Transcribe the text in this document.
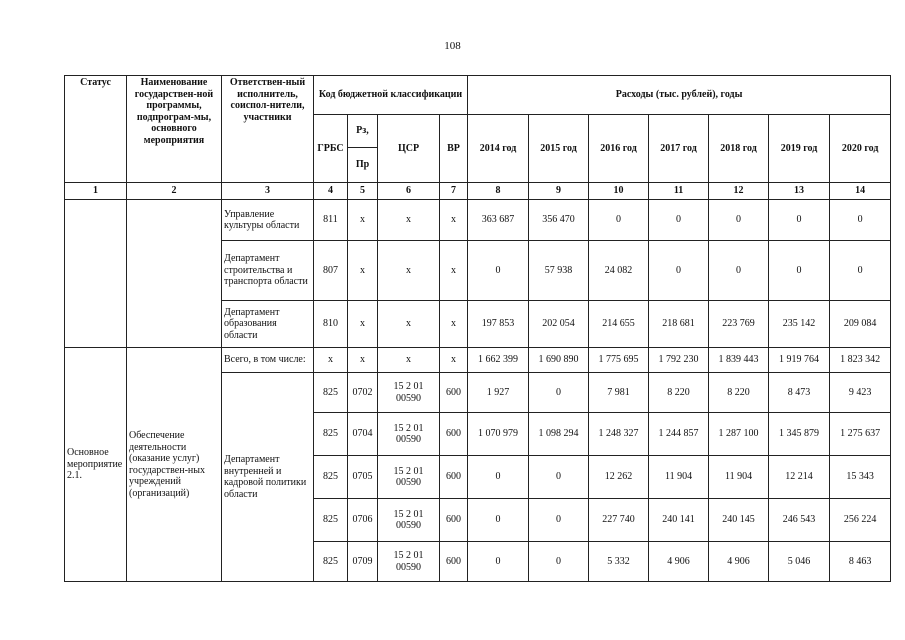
108
Статус	Наименование государствен-ной программы, подпрограм-мы, основного мероприятия	Ответствен-ный исполнитель, соиспол-нители, участники	Код бюджетной классификации				Расходы (тыс. рублей), годы						
			ГРБС	Рз,	ЦСР	ВР	2014 год	2015 год	2016 год	2017 год	2018 год	2019 год	2020 год
				Пр									
1	2	3	4	5	6	7	8	9	10	11	12	13	14
		Управление культуры области	811	х	х	х	363 687	356 470	0	0	0	0	0
		Департамент строительства и транспорта области	807	х	х	х	0	57 938	24 082	0	0	0	0
		Департамент образования области	810	х	х	х	197 853	202 054	214 655	218 681	223 769	235 142	209 084
Основное мероприятие 2.1.	Обеспечение деятельности (оказание услуг) государствен-ных учреждений (организаций)	Всего, в том числе:	х	х	х	х	1 662 399	1 690 890	1 775 695	1 792 230	1 839 443	1 919 764	1 823 342
		Департамент внутренней и кадровой политики области	825	0702	15 2 01 00590	600	1 927	0	7 981	8 220	8 220	8 473	9 423
			825	0704	15 2 01 00590	600	1 070 979	1 098 294	1 248 327	1 244 857	1 287 100	1 345 879	1 275 637
			825	0705	15 2 01 00590	600	0	0	12 262	11 904	11 904	12 214	15 343
			825	0706	15 2 01 00590	600	0	0	227 740	240 141	240 145	246 543	256 224
			825	0709	15 2 01 00590	600	0	0	5 332	4 906	4 906	5 046	8 463
